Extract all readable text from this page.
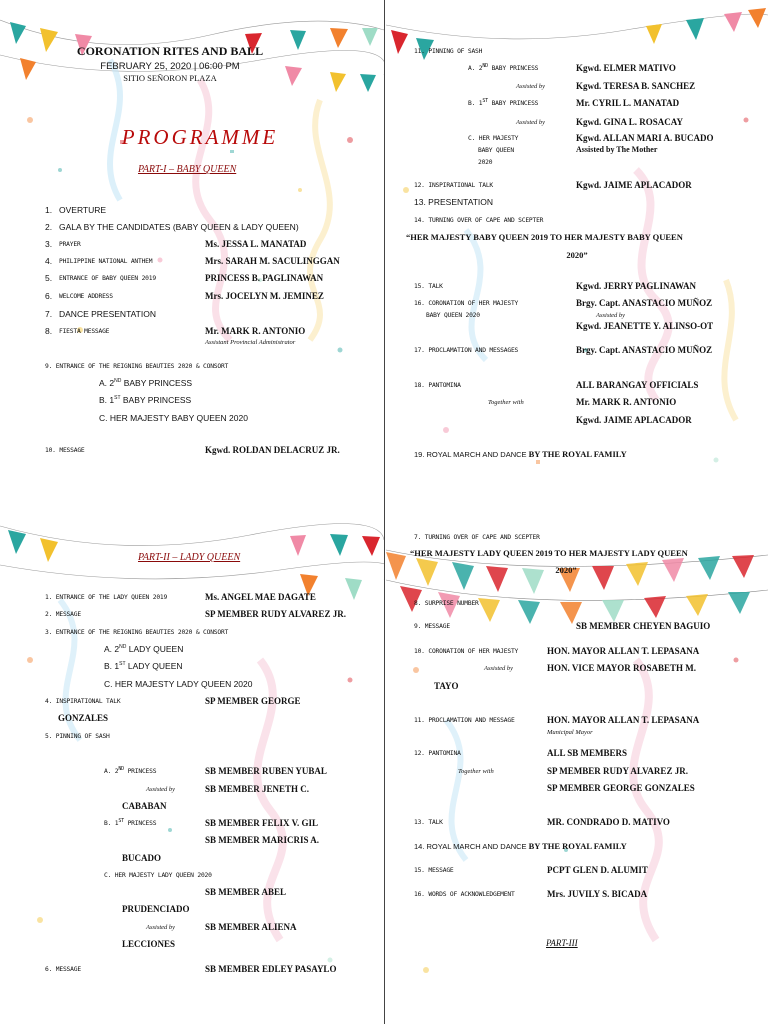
CORONATION RITES AND BALL
FEBRUARY 25, 2020 | 06:00 PM
SITIO SEÑORON PLAZA
PROGRAMME
PART-I – BABY QUEEN
1. OVERTURE
2. GALA BY THE CANDIDATES (BABY QUEEN & LADY QUEEN)
3. PRAYER	Ms. JESSA L. MANATAD
4. PHILIPPINE NATIONAL ANTHEM	Mrs. SARAH M. SACULINGGAN
5. ENTRANCE OF BABY QUEEN 2019	PRINCESS B. PAGLINAWAN
6. WELCOME ADDRESS	Mrs. JOCELYN M. JEMINEZ
7. DANCE PRESENTATION
8. FIESTA MESSAGE	Mr. MARK R. ANTONIO
Assistant Provincial Administrator
9. ENTRANCE OF THE REIGNING BEAUTIES 2020 & CONSORT
A. 2ND BABY PRINCESS
B. 1ST BABY PRINCESS
C. HER MAJESTY BABY QUEEN 2020
10. MESSAGE	Kgwd. ROLDAN DELACRUZ JR.
11. PINNING OF SASH
A. 2ND BABY PRINCESS	Kgwd. ELMER MATIVO
Assisted by	Kgwd. TERESA B. SANCHEZ
B. 1ST BABY PRINCESS	Mr. CYRIL L. MANATAD
Assisted by	Kgwd. GINA L. ROSACAY
C. HER MAJESTY
BABY QUEEN
2020
Kgwd. ALLAN MARI A. BUCADO
Assisted by The Mother
12. INSPIRATIONAL TALK	Kgwd. JAIME APLACADOR
13. PRESENTATION
14. TURNING OVER OF CAPE AND SCEPTER
“HER MAJESTY BABY QUEEN 2019 TO HER MAJESTY BABY QUEEN
2020”
15. TALK	Kgwd. JERRY PAGLINAWAN
16. CORONATION OF HER MAJESTY
BABY QUEEN 2020
Brgy. Capt. ANASTACIO MUÑOZ
Assisted by
Kgwd. JEANETTE Y. ALINSO-OT
17. PROCLAMATION AND MESSAGES	Brgy. Capt. ANASTACIO MUÑOZ
18. PANTOMINA	ALL BARANGAY OFFICIALS
Together with	Mr. MARK R. ANTONIO
Kgwd. JAIME APLACADOR
19. ROYAL MARCH AND DANCE BY THE ROYAL FAMILY
PART-II – LADY QUEEN
1. ENTRANCE OF THE LADY QUEEN 2019	Ms. ANGEL MAE DAGATE
2. MESSAGE	SP MEMBER RUDY ALVAREZ JR.
3. ENTRANCE OF THE REIGNING BEAUTIES 2020 & CONSORT
A. 2ND LADY QUEEN
B. 1ST LADY QUEEN
C. HER MAJESTY LADY QUEEN 2020
4. INSPIRATIONAL TALK	SP MEMBER GEORGE
GONZALES
5. PINNING OF SASH
A. 2ND PRINCESS	SB MEMBER RUBEN YUBAL
Assisted by	SB MEMBER JENETH C.
CABABAN
B. 1ST PRINCESS	SB MEMBER FELIX V. GIL
SB MEMBER MARICRIS A.
BUCADO
C. HER MAJESTY LADY QUEEN 2020
SB MEMBER ABEL
PRUDENCIADO
Assisted by	SB MEMBER ALIENA
LECCIONES
6. MESSAGE	SB MEMBER EDLEY PASAYLO
7. TURNING OVER OF CAPE AND SCEPTER
“HER MAJESTY LADY QUEEN 2019 TO HER MAJESTY LADY QUEEN
2020”
8. SURPRISE NUMBER
9. MESSAGE	SB MEMBER CHEYEN BAGUIO
10. CORONATION OF HER MAJESTY	HON. MAYOR ALLAN T. LEPASANA
Assisted by	HON. VICE MAYOR ROSABETH M.
TAYO
11. PROCLAMATION AND MESSAGE	HON. MAYOR ALLAN T. LEPASANA
Municipal Mayor
12. PANTOMINA	ALL SB MEMBERS
Together with	SP MEMBER RUDY ALVAREZ JR.
SP MEMBER GEORGE GONZALES
13. TALK	MR. CONDRADO D. MATIVO
14. ROYAL MARCH AND DANCE BY THE ROYAL FAMILY
15. MESSAGE	PCPT GLEN D. ALUMIT
16. WORDS OF ACKNOWLEDGEMENT	Mrs. JUVILY S. BICADA
PART-III
